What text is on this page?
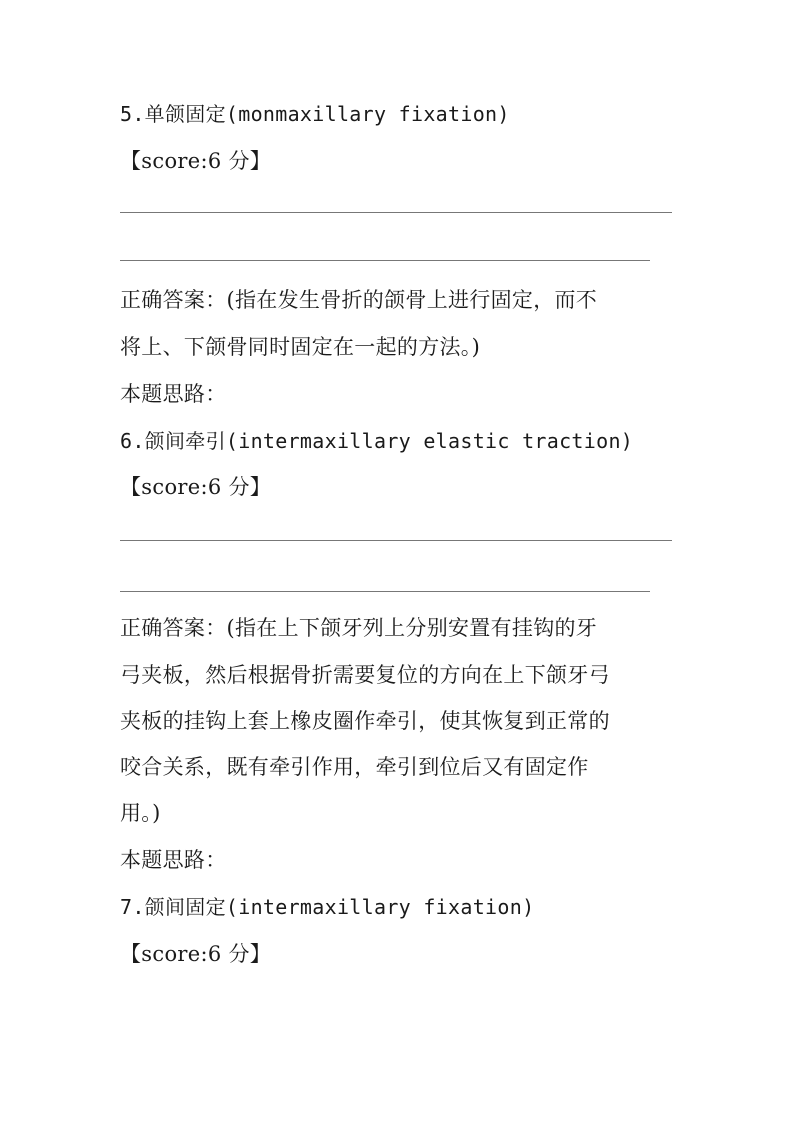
5.单颌固定(monmaxillary fixation)
【score:6 分】
正确答案：(指在发生骨折的颌骨上进行固定，而不
将上、下颌骨同时固定在一起的方法。)
本题思路：
6.颌间牵引(intermaxillary elastic traction)
【score:6 分】
正确答案：(指在上下颌牙列上分别安置有挂钩的牙
弓夹板，然后根据骨折需要复位的方向在上下颌牙弓
夹板的挂钩上套上橡皮圈作牵引，使其恢复到正常的
咬合关系，既有牵引作用，牵引到位后又有固定作
用。)
本题思路：
7.颌间固定(intermaxillary fixation)
【score:6 分】
